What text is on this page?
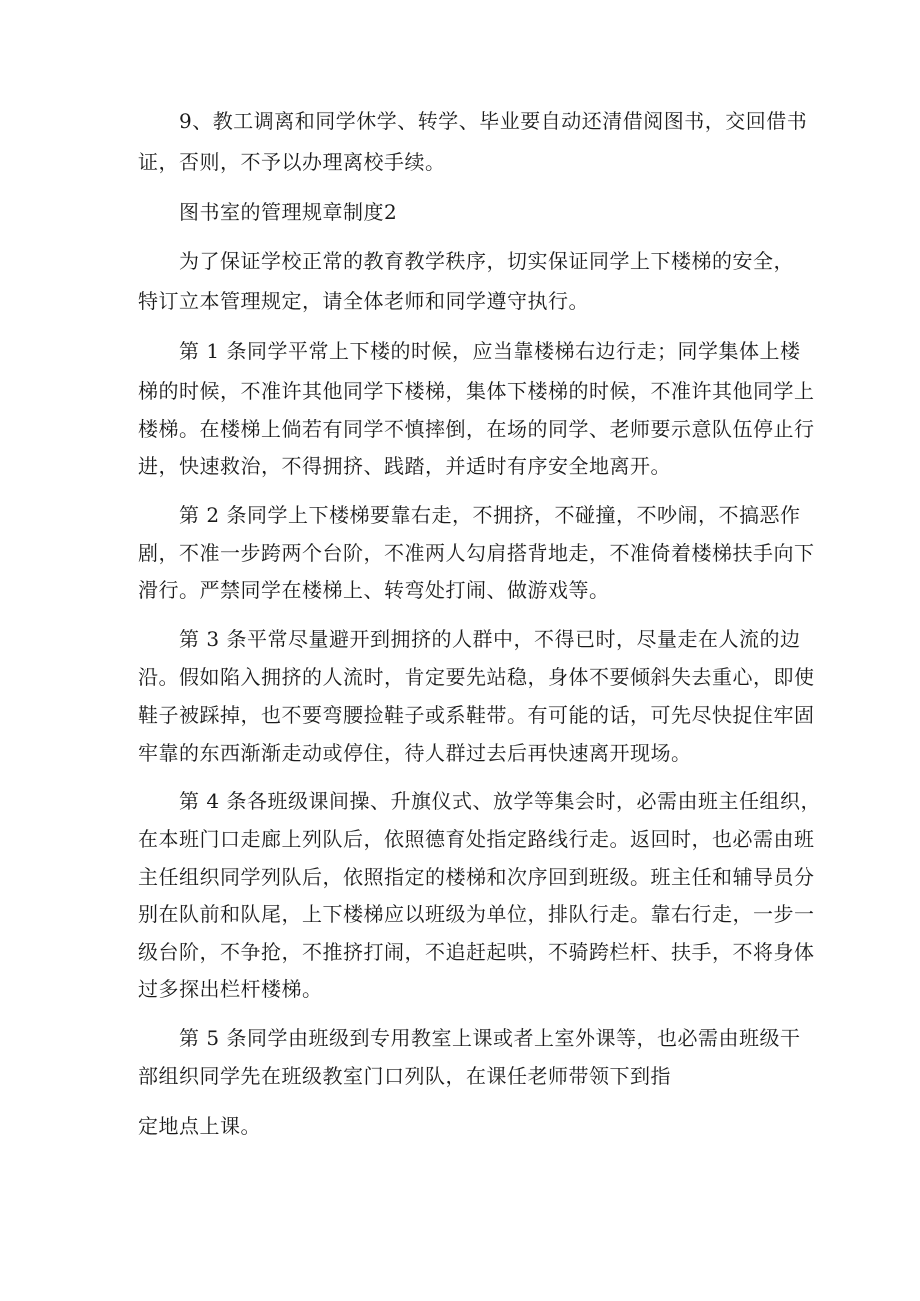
9、教工调离和同学休学、转学、毕业要自动还清借阅图书，交回借书
证，否则，不予以办理离校手续。
图书室的管理规章制度2
为了保证学校正常的教育教学秩序，切实保证同学上下楼梯的安全，
特订立本管理规定，请全体老师和同学遵守执行。
第 1 条同学平常上下楼的时候，应当靠楼梯右边行走；同学集体上楼
梯的时候，不准许其他同学下楼梯，集体下楼梯的时候，不准许其他同学上
楼梯。在楼梯上倘若有同学不慎摔倒，在场的同学、老师要示意队伍停止行
进，快速救治，不得拥挤、践踏，并适时有序安全地离开。
第 2 条同学上下楼梯要靠右走，不拥挤，不碰撞，不吵闹，不搞恶作
剧，不准一步跨两个台阶，不准两人勾肩搭背地走，不准倚着楼梯扶手向下
滑行。严禁同学在楼梯上、转弯处打闹、做游戏等。
第 3 条平常尽量避开到拥挤的人群中，不得已时，尽量走在人流的边
沿。假如陷入拥挤的人流时，肯定要先站稳，身体不要倾斜失去重心，即使
鞋子被踩掉，也不要弯腰捡鞋子或系鞋带。有可能的话，可先尽快捉住牢固
牢靠的东西渐渐走动或停住，待人群过去后再快速离开现场。
第 4 条各班级课间操、升旗仪式、放学等集会时，必需由班主任组织，
在本班门口走廊上列队后，依照德育处指定路线行走。返回时，也必需由班
主任组织同学列队后，依照指定的楼梯和次序回到班级。班主任和辅导员分
别在队前和队尾，上下楼梯应以班级为单位，排队行走。靠右行走，一步一
级台阶，不争抢，不推挤打闹，不追赶起哄，不骑跨栏杆、扶手，不将身体
过多探出栏杆楼梯。
第 5 条同学由班级到专用教室上课或者上室外课等，也必需由班级干
部组织同学先在班级教室门口列队，在课任老师带领下到指
定地点上课。
